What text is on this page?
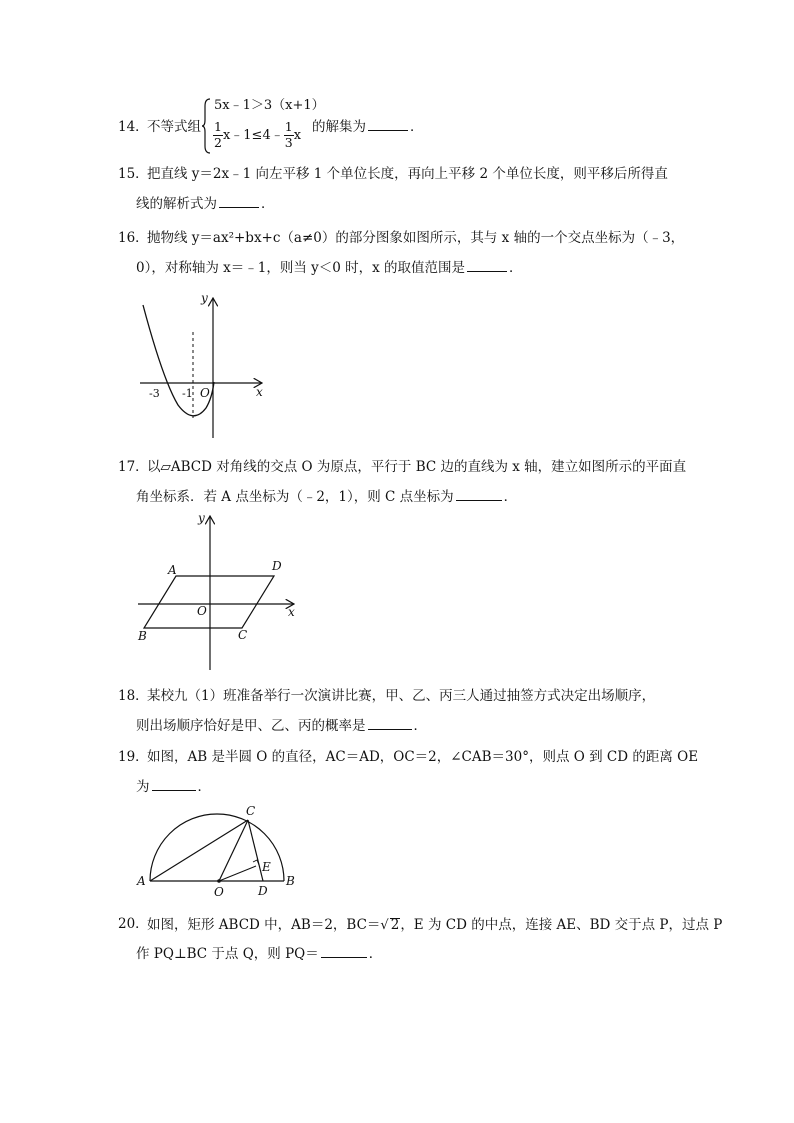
14．
不等式组
5x﹣1＞3（x+1）
$\frac{1}{2}$ x﹣1≤4﹣ $\frac{1}{3}$ x 的解集为	．
15．
把直线 y＝2x﹣1 向左平移 1 个单位长度，再向上平移 2 个单位长度，则平移后所得直
线的解析式为	．
16．
抛物线 y＝ax²+bx+c（a≠0）的部分图象如图所示，其与 x 轴的一个交点坐标为（﹣3，
0），对称轴为 x＝﹣1，则当 y＜0 时，x 的取值范围是	．
y
x
O
-3 -1
17．
以▱ABCD 对角线的交点 O 为原点，平行于 BC 边的直线为 x 轴，建立如图所示的平面直
角坐标系．若 A 点坐标为（﹣2，1），则 C 点坐标为	．
y
x
O
A	D
B	C
18．
某校九（1）班准备举行一次演讲比赛，甲、乙、丙三人通过抽签方式决定出场顺序，
则出场顺序恰好是甲、乙、丙的概率是	．
19．
如图，AB 是半圆 O 的直径，AC＝AD，OC＝2，∠CAB＝30°，则点 O 到 CD 的距离 OE
为	．
A	B
C
D
E
O
20．
如图，矩形 ABCD 中，AB＝2，BC＝√ 2，E 为 CD 的中点，连接 AE、BD 交于点 P，过点 P
作 PQ⊥BC 于点 Q，则 PQ＝	．
